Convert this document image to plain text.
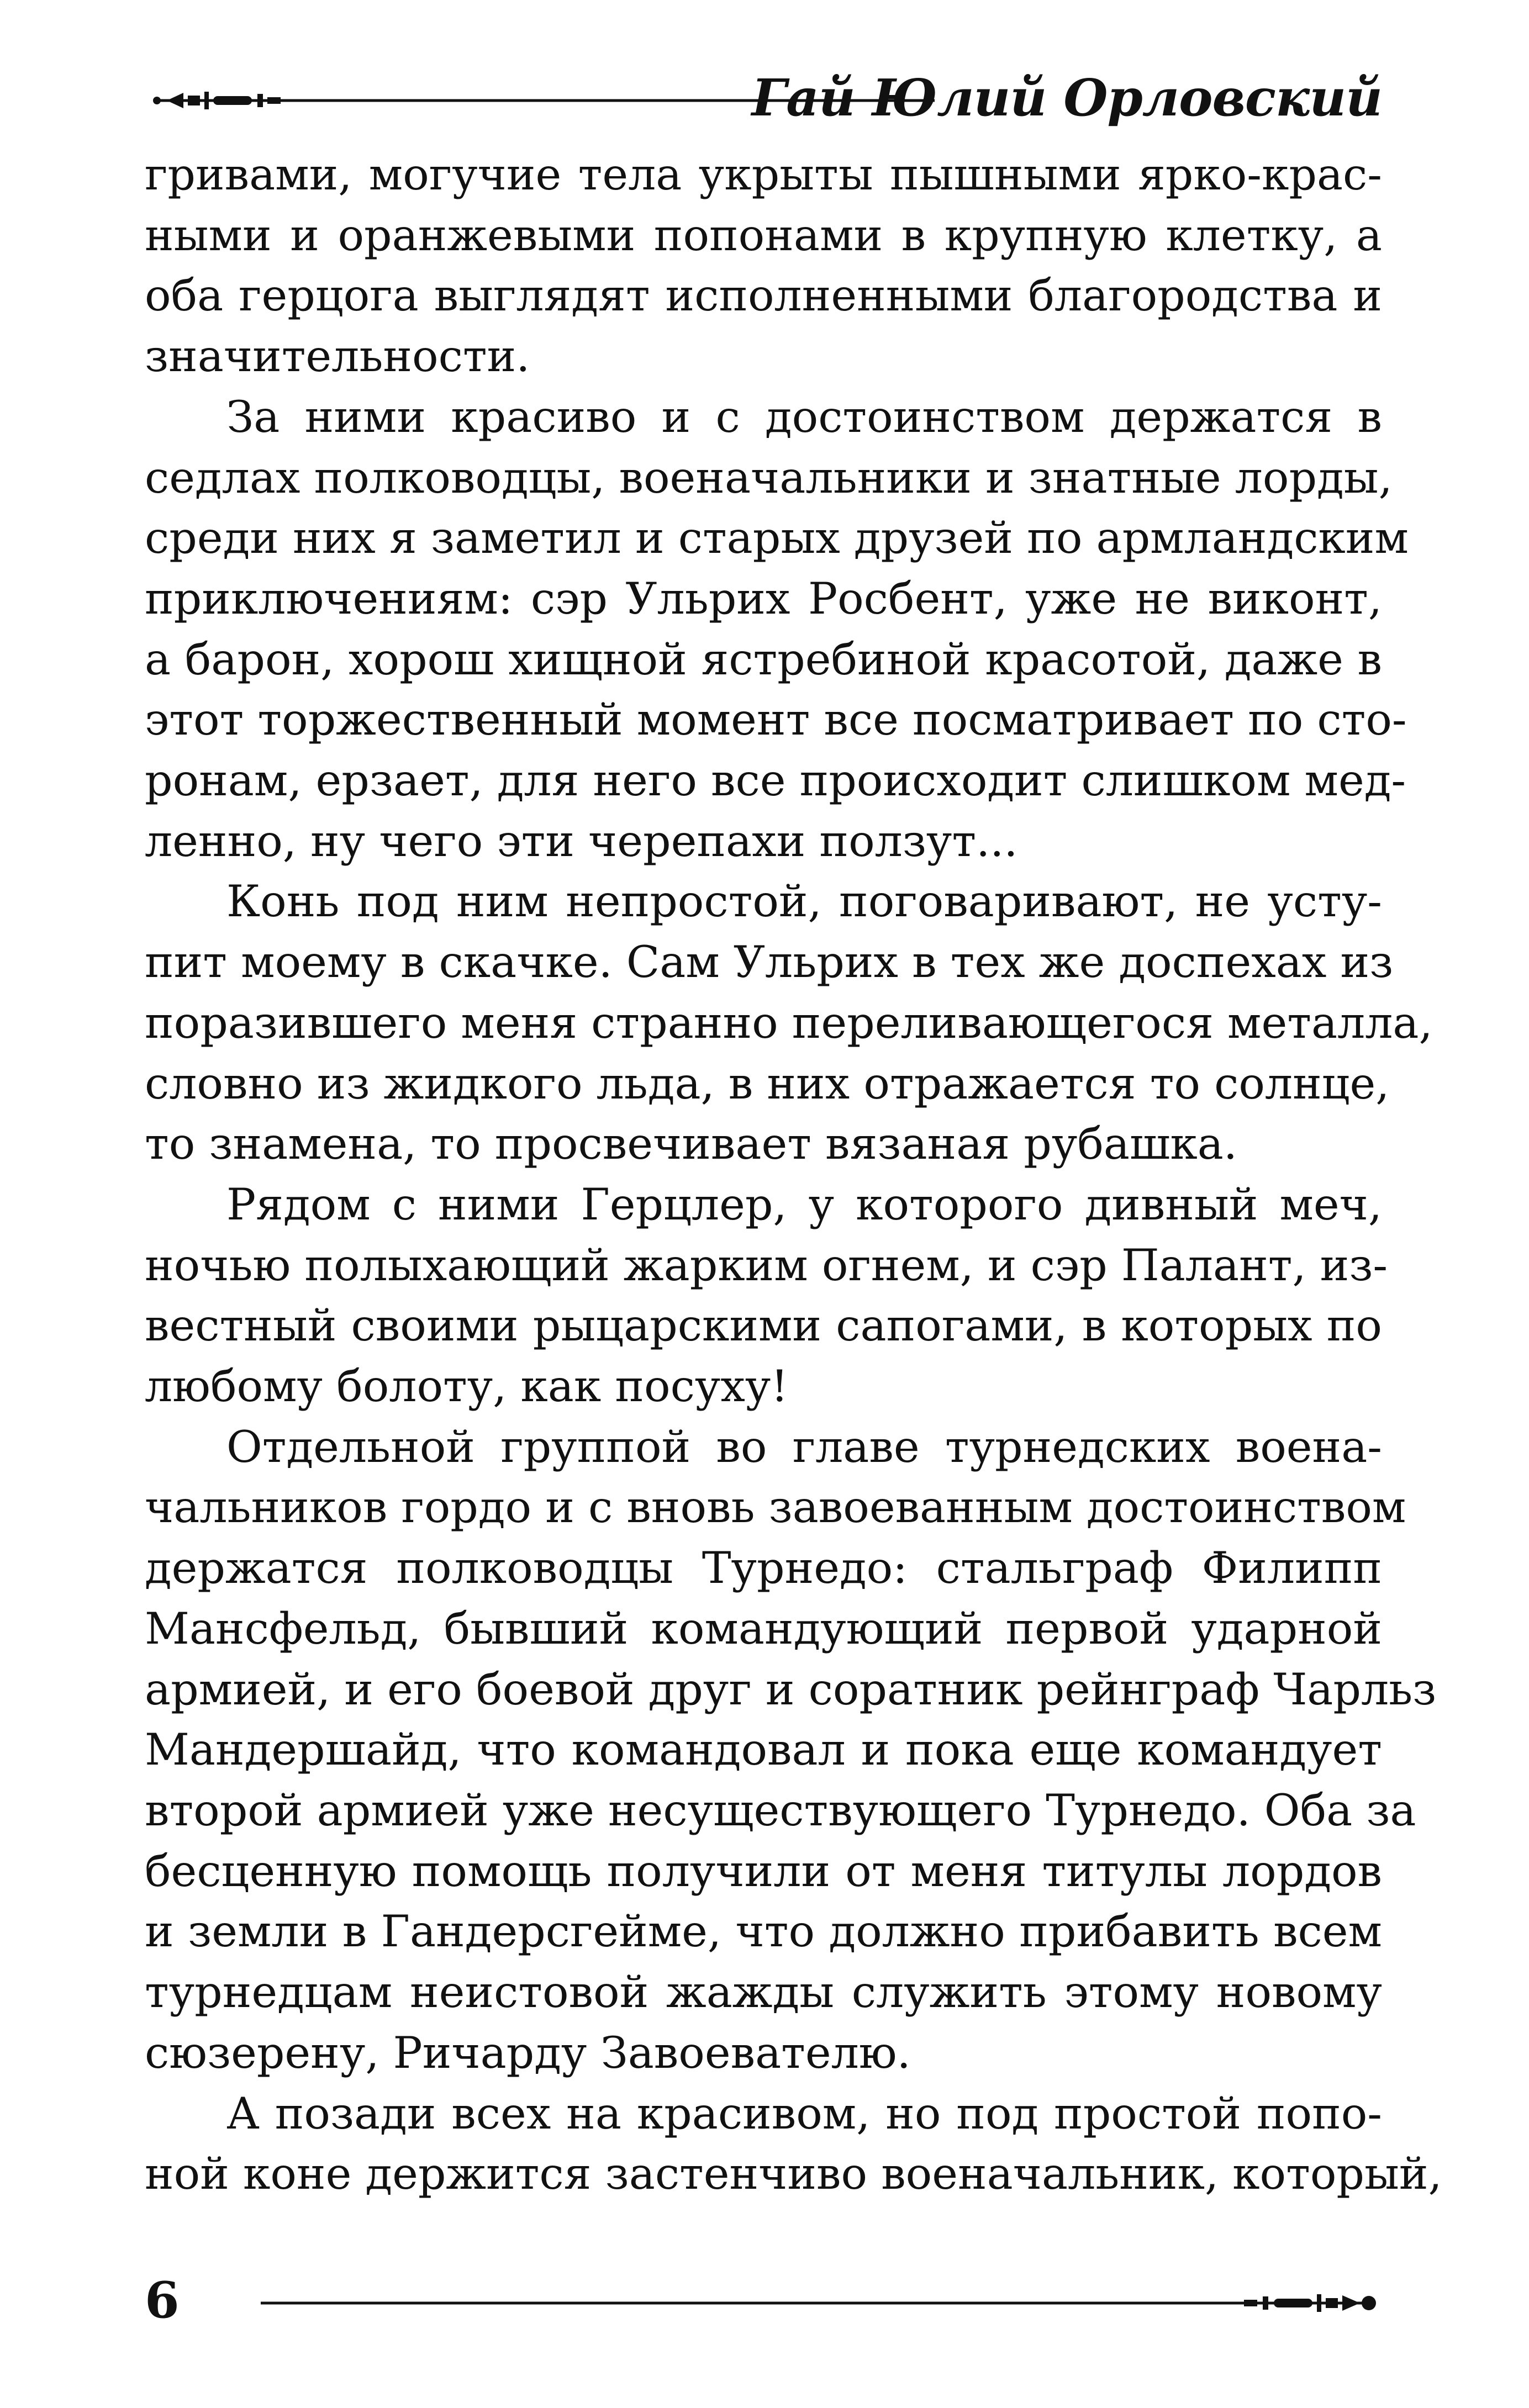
Гай Юлий Орловский

гривами, могучие тела укрыты пышными ярко-крас-
ными и оранжевыми попонами в крупную клетку, а
оба герцога выглядят исполненными благородства и
значительности.

За ними красиво и с достоинством держатся в
седлах полководцы, военачальники и знатные лорды,
среди них я заметил и старых друзей по армландским
приключениям: сэр Ульрих Росбент, уже не виконт,
а барон, хорош хищной ястребиной красотой, даже в
этот торжественный момент все посматривает по сто-
ронам, ерзает, для него все происходит слишком мед-
ленно, ну чего эти черепахи ползут...

Конь под ним непростой, поговаривают, не усту-
пит моему в скачке. Сам Ульрих в тех же доспехах из
поразившего меня странно переливающегося металла,
словно из жидкого льда, в них отражается то солнце,
то знамена, то просвечивает вязаная рубашка.

Рядом с ними Герцлер, у которого дивный меч,
ночью полыхающий жарким огнем, и сэр Палант, из-
вестный своими рыцарскими сапогами, в которых по
любому болоту, как посуху!

Отдельной группой во главе турнедских воена-
чальников гордо и с вновь завоеванным достоинством
держатся полководцы Турнедо: стальграф Филипп
Мансфельд, бывший командующий первой ударной
армией, и его боевой друг и соратник рейнграф Чарльз
Мандершайд, что командовал и пока еще командует
второй армией уже несуществующего Турнедо. Оба за
бесценную помощь получили от меня титулы лордов
и земли в Гандерсгейме, что должно прибавить всем
турнедцам неистовой жажды служить этому новому
сюзерену, Ричарду Завоевателю.

А позади всех на красивом, но под простой попо-
ной коне держится застенчиво военачальник, который,

6
